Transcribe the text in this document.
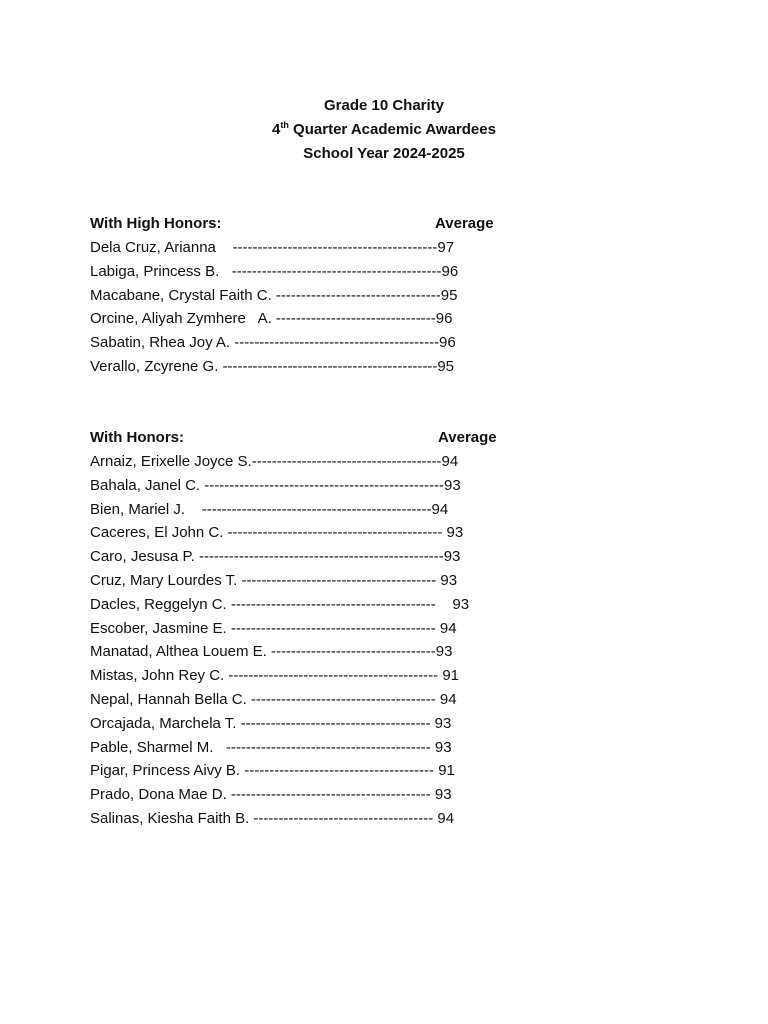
Grade 10 Charity
4th Quarter Academic Awardees
School Year 2024-2025
With High Honors:	Average
Dela Cruz, Arianna    -----------------------------------------97
Labiga, Princess B.   ------------------------------------------96
Macabane, Crystal Faith C. ---------------------------------95
Orcine, Aliyah Zymhere   A. --------------------------------96
Sabatin, Rhea Joy A. -----------------------------------------96
Verallo, Zcyrene G. -------------------------------------------95
With Honors:	Average
Arnaiz, Erixelle Joyce S.--------------------------------------94
Bahala, Janel C. ------------------------------------------------93
Bien, Mariel J.    ----------------------------------------------94
Caceres, El John C. ------------------------------------------- 93
Caro, Jesusa P. -------------------------------------------------93
Cruz, Mary Lourdes T. --------------------------------------- 93
Dacles, Reggelyn C. -----------------------------------------    93
Escober, Jasmine E. ----------------------------------------- 94
Manatad, Althea Louem E. ---------------------------------93
Mistas, John Rey C. ------------------------------------------ 91
Nepal, Hannah Bella C. ------------------------------------- 94
Orcajada, Marchela T. -------------------------------------- 93
Pable, Sharmel M.   ----------------------------------------- 93
Pigar, Princess Aivy B. -------------------------------------- 91
Prado, Dona Mae D. ---------------------------------------- 93
Salinas, Kiesha Faith B. ------------------------------------ 94
